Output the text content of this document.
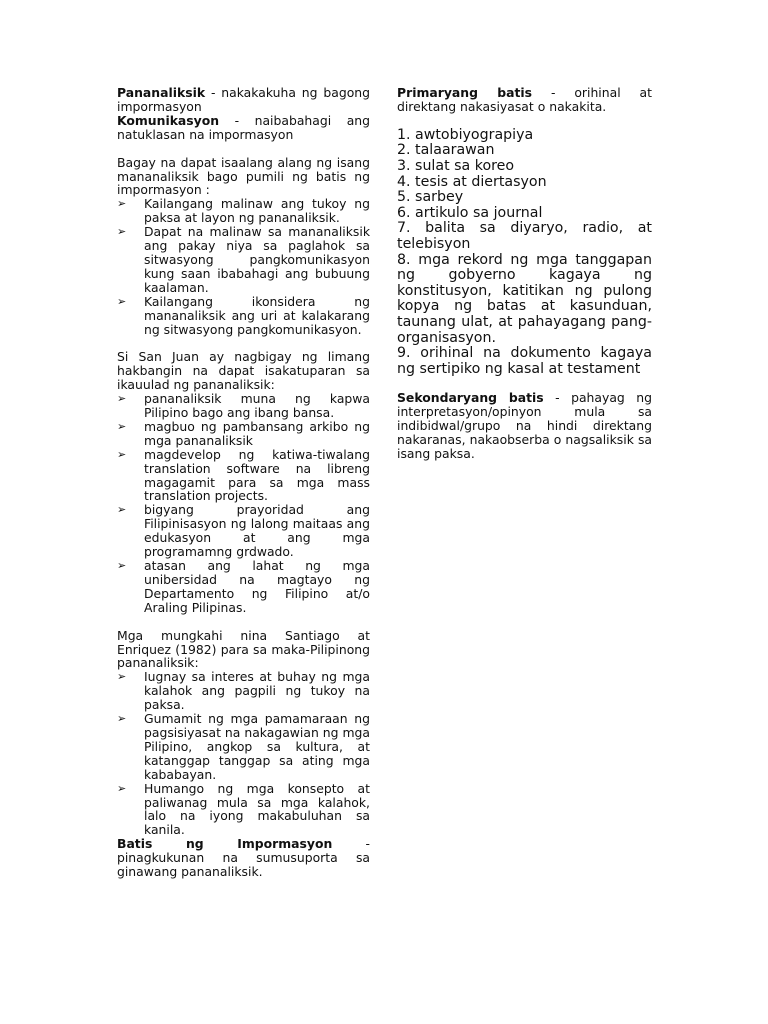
Pananaliksik - nakakakuha ng bagong impormasyon

Komunikasyon - naibabahagi ang natuklasan na impormasyon

Bagay na dapat isaalang alang ng isang mananaliksik bago pumili ng batis ng impormasyon :

➢ Kailangang malinaw ang tukoy ng paksa at layon ng pananaliksik.
➢ Dapat na malinaw sa mananaliksik ang pakay niya sa paglahok sa sitwasyong pangkomunikasyon kung saan ibabahagi ang bubuung kaalaman.
➢ Kailangang ikonsidera ng mananaliksik ang uri at kalakarang ng sitwasyong pangkomunikasyon.

Si San Juan ay nagbigay ng limang hakbangin na dapat isakatuparan sa ikauulad ng pananaliksik:

➢ pananaliksik muna ng kapwa Pilipino bago ang ibang bansa.
➢ magbuo ng pambansang arkibo ng mga pananaliksik
➢ magdevelop ng katiwa-tiwalang translation software na libreng magagamit para sa mga mass translation projects.
➢ bigyang prayoridad ang Filipinisasyon ng lalong maitaas ang edukasyon at ang mga programamng grdwado.
➢ atasan ang lahat ng mga unibersidad na magtayo ng Departamento ng Filipino at/o Araling Pilipinas.

Mga mungkahi nina Santiago at Enriquez (1982) para sa maka-Pilipinong pananaliksik:

➢ Iugnay sa interes at buhay ng mga kalahok ang pagpili ng tukoy na paksa.
➢ Gumamit ng mga pamamaraan ng pagsisiyasat na nakagawian ng mga Pilipino, angkop sa kultura, at katanggap tanggap sa ating mga kababayan.
➢ Humango ng mga konsepto at paliwanag mula sa mga kalahok, lalo na iyong makabuluhan sa kanila.

Batis ng Impormasyon - pinagkukunan na sumusuporta sa ginawang pananaliksik.

Primaryang batis - orihinal at direktang nakasiyasat o nakakita.

1. awtobiyograpiya
2. talaarawan
3. sulat sa koreo
4. tesis at diertasyon
5. sarbey
6. artikulo sa journal
7. balita sa diyaryo, radio, at telebisyon
8. mga rekord ng mga tanggapan ng gobyerno kagaya ng konstitusyon, katitikan ng pulong kopya ng batas at kasunduan, taunang ulat, at pahayagang pang-organisasyon.
9. orihinal na dokumento kagaya ng sertipiko ng kasal at testament

Sekondaryang batis - pahayag ng interpretasyon/opinyon mula sa indibidwal/grupo na hindi direktang nakaranas, nakaobserba o nagsaliksik sa isang paksa.
